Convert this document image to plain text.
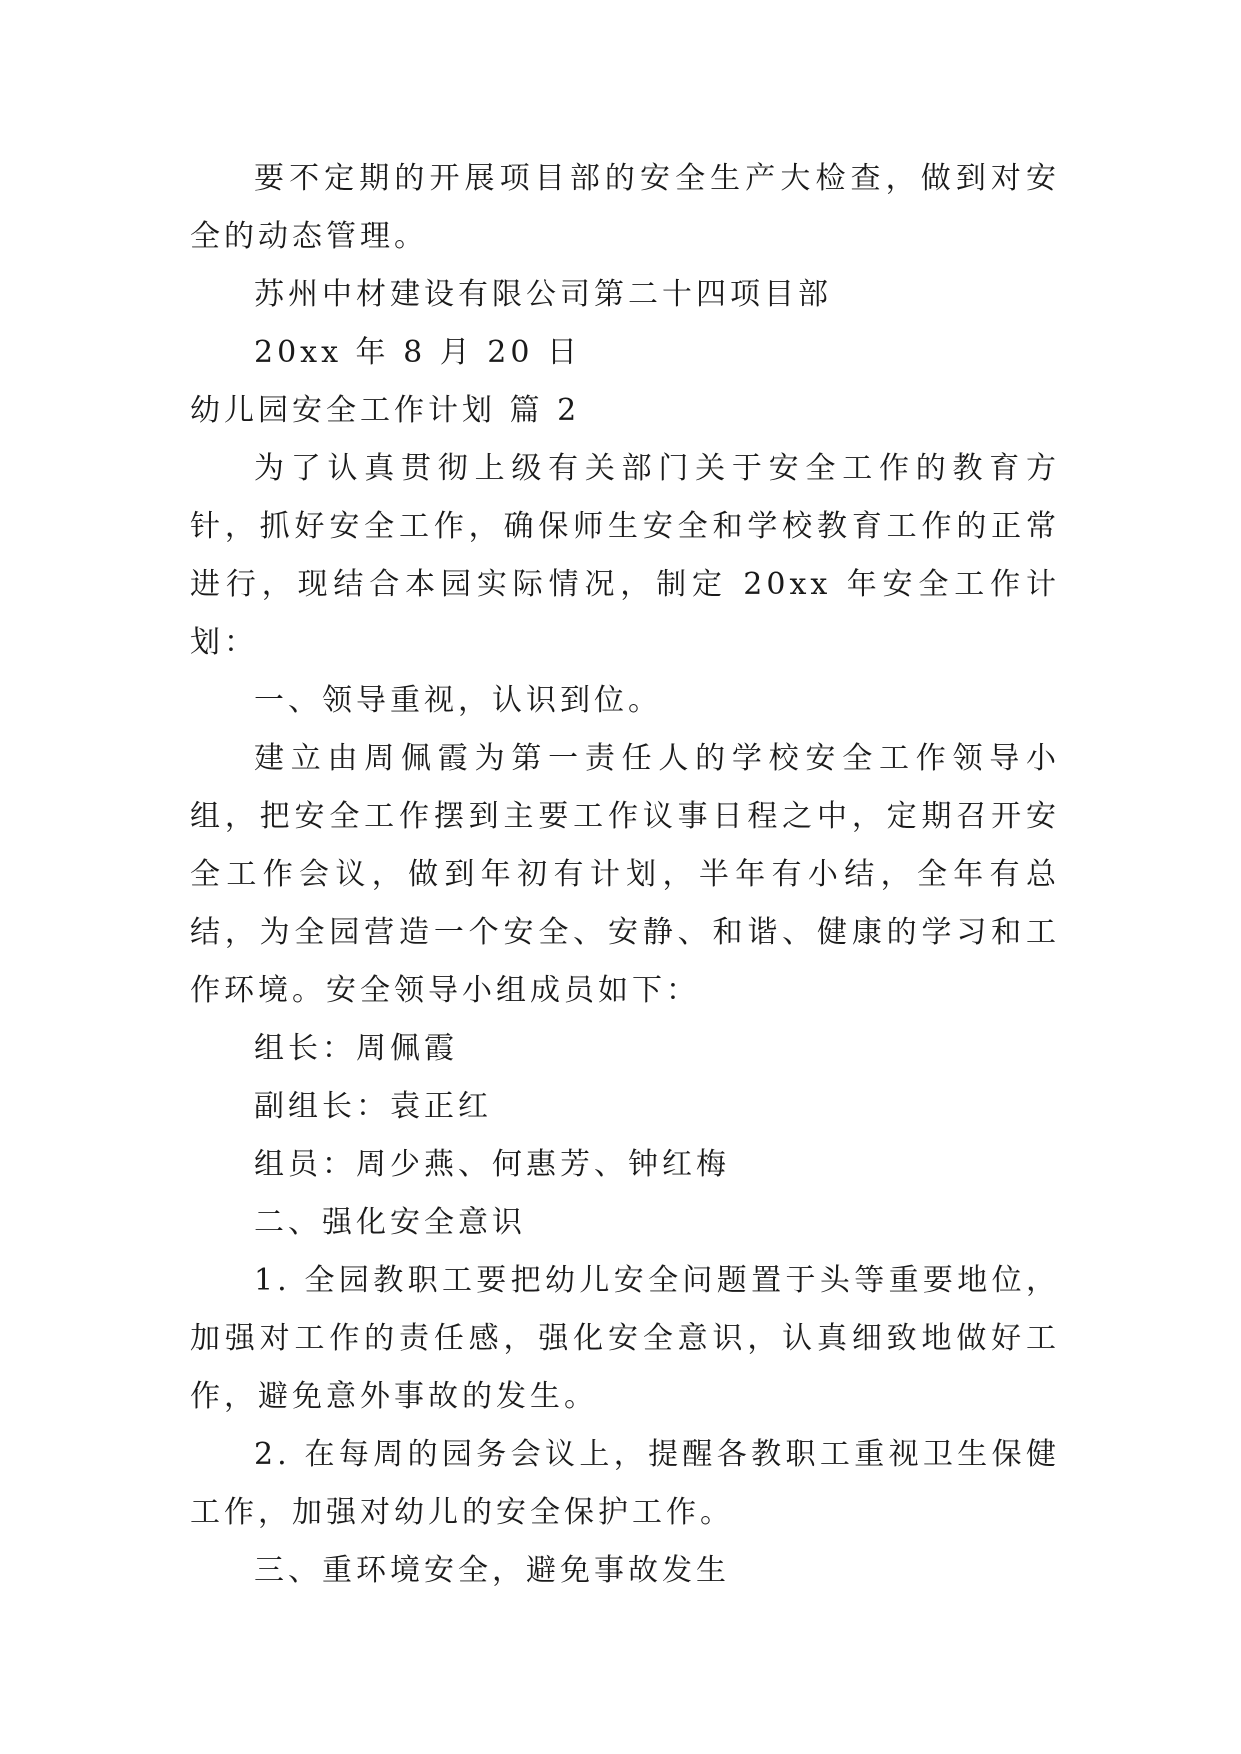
要不定期的开展项目部的安全生产大检查，做到对安全的动态管理。

苏州中材建设有限公司第二十四项目部

20xx 年 8 月 20 日

幼儿园安全工作计划 篇 2

为了认真贯彻上级有关部门关于安全工作的教育方针，抓好安全工作，确保师生安全和学校教育工作的正常进行，现结合本园实际情况，制定 20xx 年安全工作计划：

一、领导重视，认识到位。

建立由周佩霞为第一责任人的学校安全工作领导小组，把安全工作摆到主要工作议事日程之中，定期召开安全工作会议，做到年初有计划，半年有小结，全年有总结，为全园营造一个安全、安静、和谐、健康的学习和工作环境。安全领导小组成员如下：

组长：周佩霞

副组长：袁正红

组员：周少燕、何惠芳、钟红梅

二、强化安全意识

1. 全园教职工要把幼儿安全问题置于头等重要地位，加强对工作的责任感，强化安全意识，认真细致地做好工作，避免意外事故的发生。

2. 在每周的园务会议上，提醒各教职工重视卫生保健工作，加强对幼儿的安全保护工作。

三、重环境安全，避免事故发生
